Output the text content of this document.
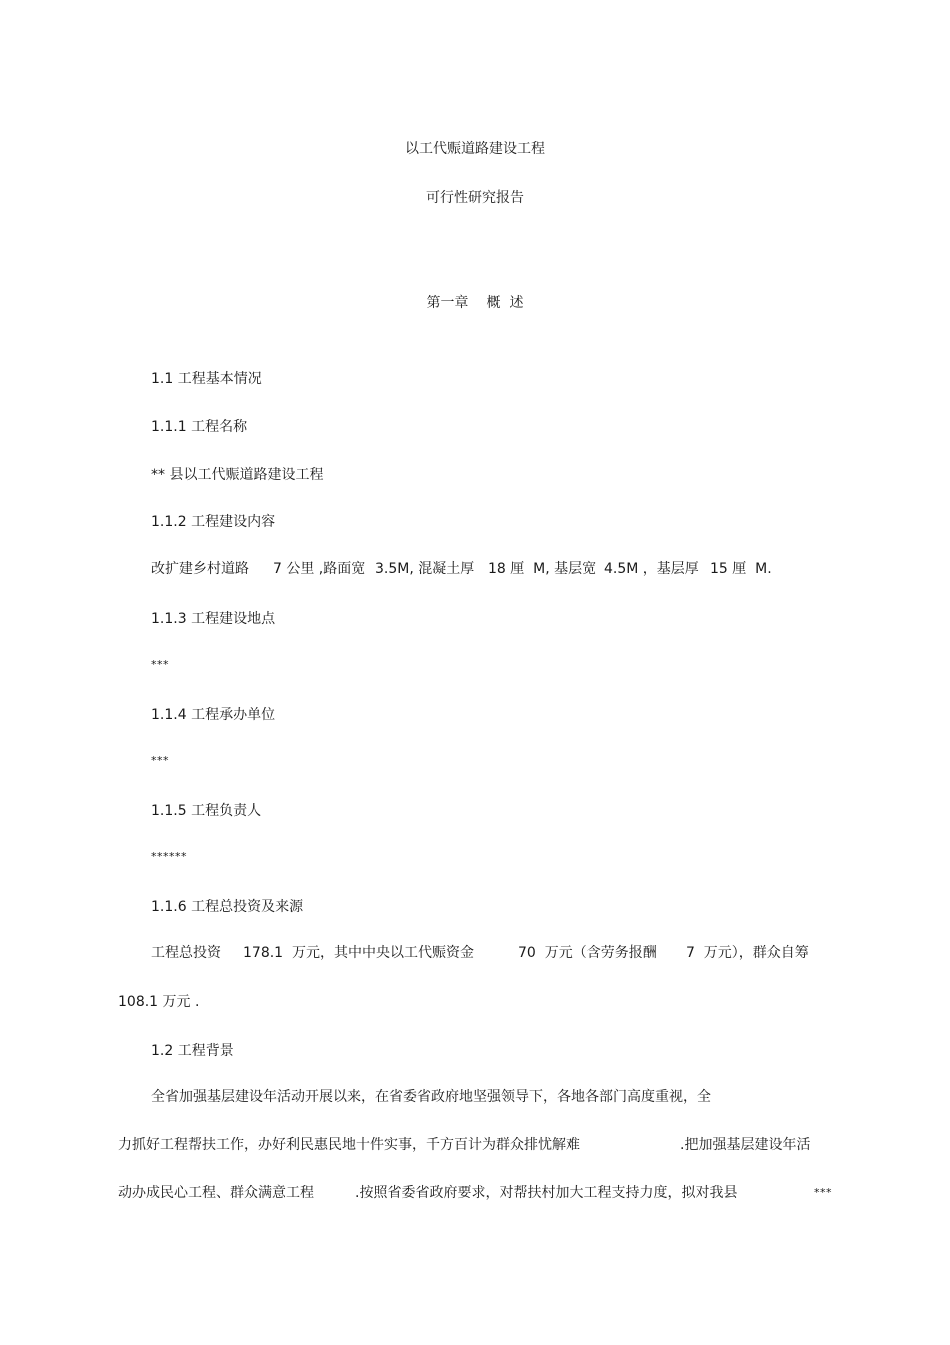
以工代赈道路建设工程
可行性研究报告
第一章 概  述
1.1 工程基本情况
1.1.1 工程名称
** 县以工代赈道路建设工程
1.1.2 工程建设内容
改扩建乡村道路 7 公里 ,路面宽 3.5M, 混凝土厚 18 厘  M, 基层宽 4.5M ，基层厚 15 厘  M.
1.1.3 工程建设地点
***
1.1.4 工程承办单位
***
1.1.5 工程负责人
******
1.1.6 工程总投资及来源
工程总投资 178.1  万元，其中中央以工代赈资金	70  万元（含劳务报酬 7  万元），群众自筹
108.1 万元 .
1.2 工程背景
全省加强基层建设年活动开展以来，在省委省政府地坚强领导下，各地各部门高度重视，全
力抓好工程帮扶工作，办好利民惠民地十件实事，千方百计为群众排忧解难	.把加强基层建设年活
动办成民心工程、群众满意工程	.按照省委省政府要求，对帮扶村加大工程支持力度，拟对我县	***
